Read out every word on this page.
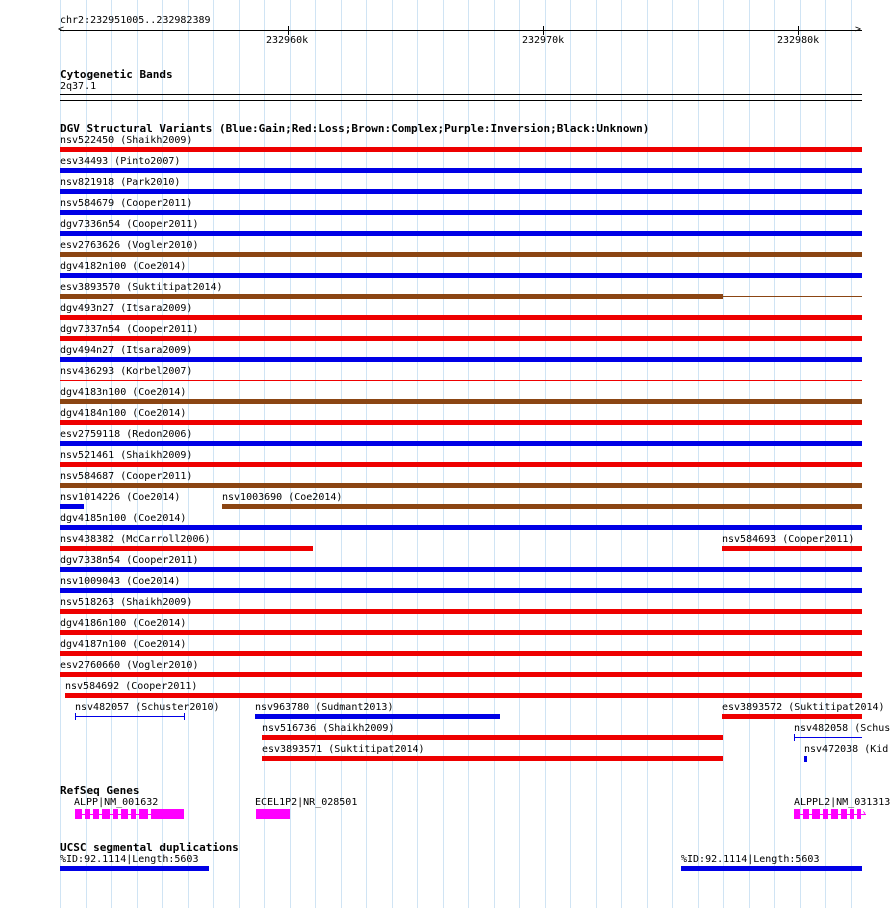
chr2:232951005..232982389
<	>
232960k	232970k	232980k
Cytogenetic Bands
2q37.1
DGV Structural Variants (Blue:Gain;Red:Loss;Brown:Complex;Purple:Inversion;Black:Unknown)
nsv522450 (Shaikh2009)
esv34493 (Pinto2007)
nsv821918 (Park2010)
nsv584679 (Cooper2011)
dgv7336n54 (Cooper2011)
esv2763626 (Vogler2010)
dgv4182n100 (Coe2014)
esv3893570 (Suktitipat2014)
dgv493n27 (Itsara2009)
dgv7337n54 (Cooper2011)
dgv494n27 (Itsara2009)
nsv436293 (Korbel2007)
dgv4183n100 (Coe2014)
dgv4184n100 (Coe2014)
esv2759118 (Redon2006)
nsv521461 (Shaikh2009)
nsv584687 (Cooper2011)
nsv1014226 (Coe2014)	nsv1003690 (Coe2014)
dgv4185n100 (Coe2014)
nsv438382 (McCarroll2006)	nsv584693 (Cooper2011)
dgv7338n54 (Cooper2011)
nsv1009043 (Coe2014)
nsv518263 (Shaikh2009)
dgv4186n100 (Coe2014)
dgv4187n100 (Coe2014)
esv2760660 (Vogler2010)
nsv584692 (Cooper2011)
nsv482057 (Schuster2010)	nsv963780 (Sudmant2013)	esv3893572 (Suktitipat2014)
nsv516736 (Shaikh2009)	nsv482058 (Schus
esv3893571 (Suktitipat2014)	nsv472038 (Kid
RefSeq Genes
ALPP|NM_001632	ECEL1P2|NR_028501	ALPPL2|NM_031313
›
UCSC segmental duplications
%ID:92.1114|Length:5603	%ID:92.1114|Length:5603
